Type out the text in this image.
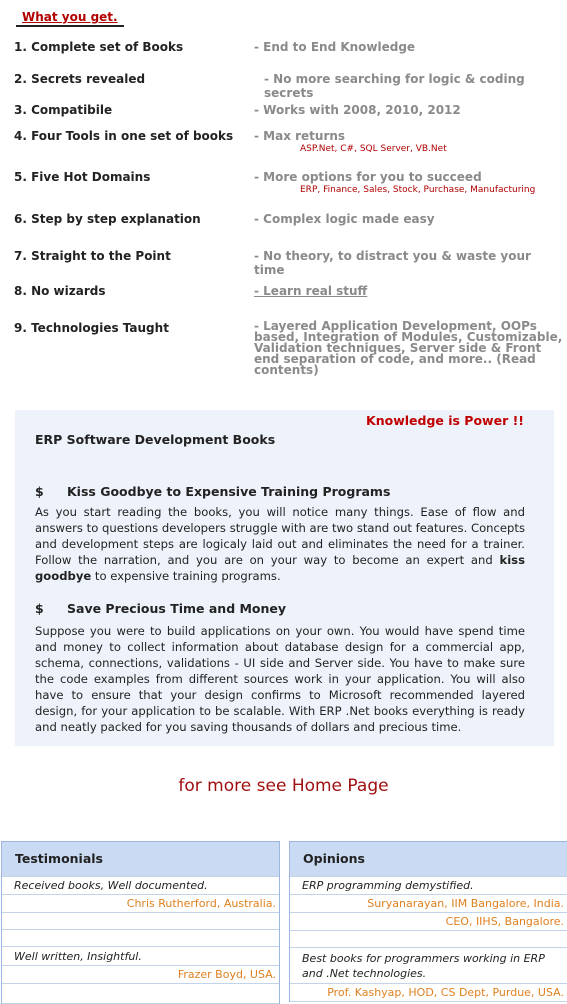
What you get.
1. Complete set of Books	- End to End Knowledge
2. Secrets revealed	- No more searching for logic & coding secrets
3. Compatibile	- Works with 2008, 2010, 2012
4. Four Tools in one set of books - Max returns
ASP.Net, C#, SQL Server, VB.Net
5. Five Hot Domains	- More options for you to succeed
ERP, Finance, Sales, Stock, Purchase, Manufacturing
6. Step by step explanation	- Complex logic made easy
7. Straight to the Point	- No theory, to distract you & waste your time
8. No wizards	- Learn real stuff
9. Technologies Taught	- Layered Application Development, OOPs based, Integration of Modules, Customizable, Validation techniques, Server side & Front end separation of code, and more.. (Read contents)
Knowledge is Power !!
ERP Software Development Books
$ Kiss Goodbye to Expensive Training Programs
As you start reading the books, you will notice many things. Ease of flow and answers to questions developers struggle with are two stand out features. Concepts and development steps are logicaly laid out and eliminates the need for a trainer. Follow the narration, and you are on your way to become an expert and kiss goodbye to expensive training programs.
$ Save Precious Time and Money
Suppose you were to build applications on your own. You would have spend time and money to collect information about database design for a commercial app, schema, connections, validations - UI side and Server side. You have to make sure the code examples from different sources work in your application. You will also have to ensure that your design confirms to Microsoft recommended layered design, for your application to be scalable. With ERP .Net books everything is ready and neatly packed for you saving thousands of dollars and precious time.
for more see Home Page
Testimonials
Received books, Well documented.
Chris Rutherford, Australia.
Well written, Insightful.
Frazer Boyd, USA.
Opinions
ERP programming demystified.
Suryanarayan, IIM Bangalore, India.
CEO, IIHS, Bangalore.
Best books for programmers working in ERP and .Net technologies.
Prof. Kashyap, HOD, CS Dept, Purdue, USA.
